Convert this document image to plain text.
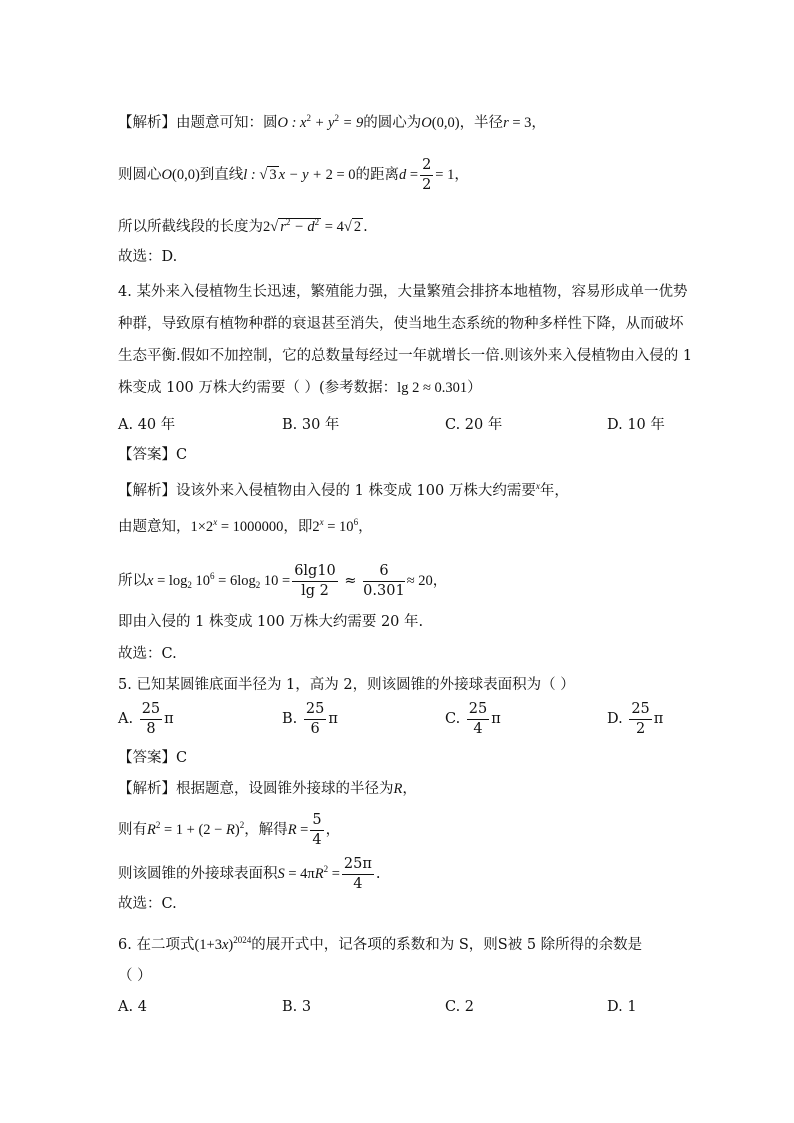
【解析】由题意可知：圆O : $x^2 + y^2 = 9$的圆心为O(0,0)，半径r = 3，
则圆心O(0,0)到直线l : √ 3 x − y + 2 = 0的距离$d = \frac{2}{2} = 1$，
所以所截线段的长度为2√ $r^2 - d^2 = 4√$ 2 .
故选：D.
4. 某外来入侵植物生长迅速，繁殖能力强，大量繁殖会排挤本地植物，容易形成单一优势
种群，导致原有植物种群的衰退甚至消失，使当地生态系统的物种多样性下降，从而破坏
生态平衡.假如不加控制，它的总数量每经过一年就增长一倍.则该外来入侵植物由入侵的 1
株变成 100 万株大约需要（ ）(参考数据：lg 2 ≈ 0.301）
A. 40 年	B. 30 年	C. 20 年	D. 10 年
【答案】C
【解析】设该外来入侵植物由入侵的 1 株变成 100 万株大约需要$^x$年，
由题意知，$1\times 2^x = 1000000$，即$2^x = 10^6$，
所以$x = \log_2 10^6 = 6\log_2$ $10 = \frac{6\lg 10}{\lg 2} \approx \frac{6}{0.301} \approx 20$，
即由入侵的 1 株变成 100 万株大约需要 20 年.
故选：C.
5. 已知某圆锥底面半径为 1，高为 2，则该圆锥的外接球表面积为（ ）
A. $\frac{25}{8}$ π	B. $\frac{25}{6}$ π	C. $\frac{25}{4}$ π	D. $\frac{25}{2}$ π
【答案】C
【解析】根据题意，设圆锥外接球的半径为R，
则有$R^2 = 1 + (2 - R)^2$，解得$R = \frac{5}{4}$ ，
则该圆锥的外接球表面积$S = 4\pi R^2 = \frac{25\pi}{4}$ .
故选：C.
6. 在二项式$(1+3x)^{2024}$的展开式中，记各项的系数和为 S，则S被 5 除所得的余数是
（ ）
A. 4	B. 3	C. 2	D. 1
